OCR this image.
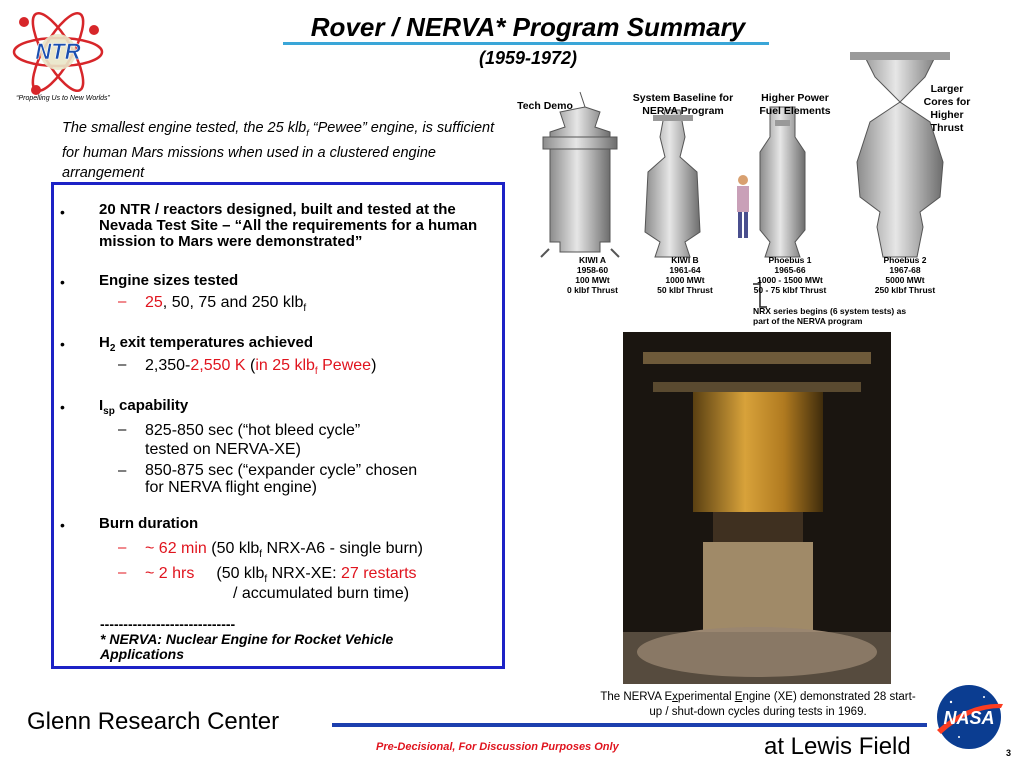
NTR
“Propelling Us to New Worlds”
Rover / NERVA* Program Summary
(1959-1972)
The smallest engine tested, the 25 klb$_f$ “Pewee” engine, is sufficient for human Mars missions when used in a clustered engine arrangement
• 20 NTR / reactors designed, built and tested at the Nevada Test Site – “All the requirements for a human mission to Mars were demonstrated”
• Engine sizes tested
– 25, 50, 75 and 250 klb$_f$
• $H_2$ exit temperatures achieved
– 2,350-2,550 K (in 25 klb$_f$ Pewee)
• $I_{sp}$ capability
– 825-850 sec (“hot bleed cycle” tested on NERVA-XE)
– 850-875 sec (“expander cycle” chosen for NERVA flight engine)
• Burn duration
– ~ 62 min (50 klb$_f$ NRX-A6 - single burn)
– ~ 2 hrs (50 klb$_f$ NRX-XE: 27 restarts
/ accumulated burn time)
-----------------------------
* NERVA: Nuclear Engine for Rocket Vehicle Applications
Tech Demo
System Baseline for NERVA Program
Higher Power Fuel Elements
Larger Cores for Higher Thrust
KIWI A
1958-60
100 MWt
0 klbf Thrust
KIWI B
1961-64
1000 MWt
50 klbf Thrust
Phoebus 1
1965-66
1000 - 1500 MWt
50 - 75 klbf Thrust
Phoebus 2
1967-68
5000 MWt
250 klbf Thrust
NRX series begins (6 system tests) as part of the NERVA program
The NERVA Experimental Engine (XE) demonstrated 28 start-up / shut-down cycles during tests in 1969.
Glenn Research Center
Pre-Decisional, For Discussion Purposes Only	at Lewis Field
NASA
3
